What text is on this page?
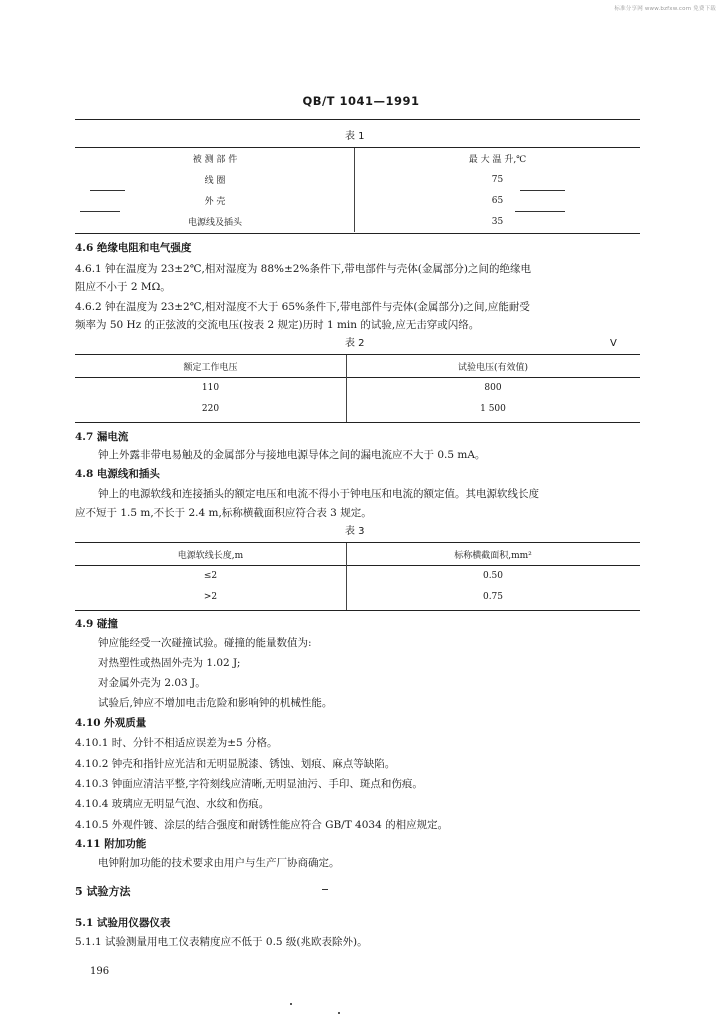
标准分享网 www.bzfxw.com 免费下载
QB/T 1041—1991
表 1
被 测 部 件	最 大 温 升,℃
线 圈	75
外 壳	65
电源线及插头	35
4.6 绝缘电阻和电气强度
4.6.1 钟在温度为 23±2℃,相对湿度为 88%±2%条件下,带电部件与壳体(金属部分)之间的绝缘电
阻应不小于 2 MΩ。
4.6.2 钟在温度为 23±2℃,相对湿度不大于 65%条件下,带电部件与壳体(金属部分)之间,应能耐受
频率为 50 Hz 的正弦波的交流电压(按表 2 规定)历时 1 min 的试验,应无击穿或闪络。
表 2	V
额定工作电压	试验电压(有效值)
110	800
220	1 500
4.7 漏电流
钟上外露非带电易触及的金属部分与接地电源导体之间的漏电流应不大于 0.5 mA。
4.8 电源线和插头
钟上的电源软线和连接插头的额定电压和电流不得小于钟电压和电流的额定值。其电源软线长度
应不短于 1.5 m,不长于 2.4 m,标称横截面积应符合表 3 规定。
表 3
电源软线长度,m	标称横截面积,mm²
≤2	0.50
>2	0.75
4.9 碰撞
钟应能经受一次碰撞试验。碰撞的能量数值为:
对热塑性或热固外壳为 1.02 J;
对金属外壳为 2.03 J。
试验后,钟应不增加电击危险和影响钟的机械性能。
4.10 外观质量
4.10.1 时、分针不相适应误差为±5 分格。
4.10.2 钟壳和指针应光洁和无明显脱漆、锈蚀、划痕、麻点等缺陷。
4.10.3 钟面应清洁平整,字符刻线应清晰,无明显油污、手印、斑点和伤痕。
4.10.4 玻璃应无明显气泡、水纹和伤痕。
4.10.5 外观件镀、涂层的结合强度和耐锈性能应符合 GB/T 4034 的相应规定。
4.11 附加功能
电钟附加功能的技术要求由用户与生产厂协商确定。
5 试验方法
5.1 试验用仪器仪表
5.1.1 试验测量用电工仪表精度应不低于 0.5 级(兆欧表除外)。
196
